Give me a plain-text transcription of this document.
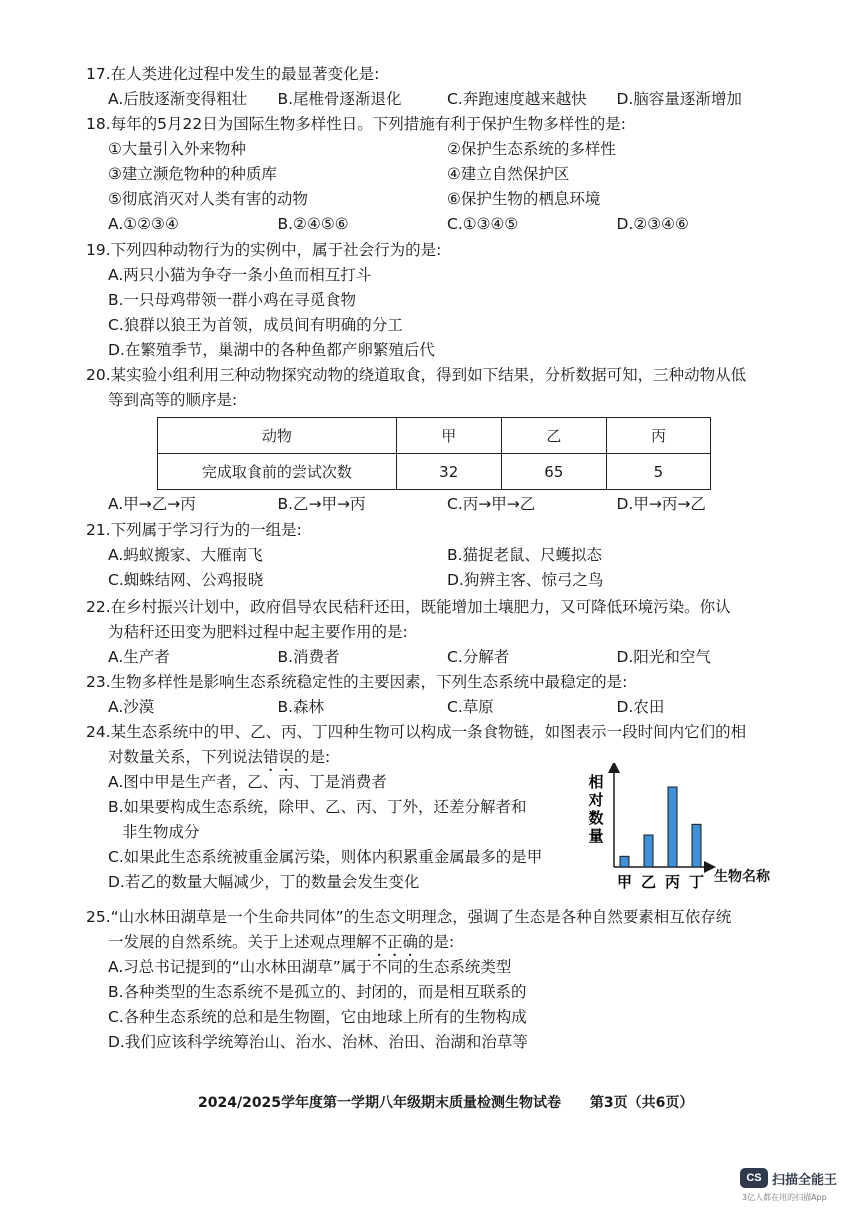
17.在人类进化过程中发生的最显著变化是:
A.后肢逐渐变得粗壮	B.尾椎骨逐渐退化	C.奔跑速度越来越快	D.脑容量逐渐增加
18.每年的5月22日为国际生物多样性日。下列措施有利于保护生物多样性的是:
①大量引入外来物种	②保护生态系统的多样性
③建立濒危物种的种质库	④建立自然保护区
⑤彻底消灭对人类有害的动物	⑥保护生物的栖息环境
A.①②③④	B.②④⑤⑥	C.①③④⑤	D.②③④⑥
19.下列四种动物行为的实例中，属于社会行为的是:
A.两只小猫为争夺一条小鱼而相互打斗
B.一只母鸡带领一群小鸡在寻觅食物
C.狼群以狼王为首领，成员间有明确的分工
D.在繁殖季节，巢湖中的各种鱼都产卵繁殖后代
20.某实验小组利用三种动物探究动物的绕道取食，得到如下结果，分析数据可知，三种动物从低
等到高等的顺序是:
动物	甲	乙	丙
完成取食前的尝试次数	32	65	5
A.甲→乙→丙	B.乙→甲→丙	C.丙→甲→乙	D.甲→丙→乙
21.下列属于学习行为的一组是:
A.蚂蚁搬家、大雁南飞	B.猫捉老鼠、尺蠖拟态
C.蜘蛛结网、公鸡报晓	D.狗辨主客、惊弓之鸟
22.在乡村振兴计划中，政府倡导农民秸秆还田，既能增加土壤肥力，又可降低环境污染。你认
为秸秆还田变为肥料过程中起主要作用的是:
A.生产者	B.消费者	C.分解者	D.阳光和空气
23.生物多样性是影响生态系统稳定性的主要因素，下列生态系统中最稳定的是:
A.沙漠	B.森林	C.草原	D.农田
24.某生态系统中的甲、乙、丙、丁四种生物可以构成一条食物链，如图表示一段时间内它们的相
对数量关系，下列说法错误的是:
A.图中甲是生产者，乙、丙、丁是消费者
B.如果要构成生态系统，除甲、乙、丙、丁外，还差分解者和
非生物成分
C.如果此生态系统被重金属污染，则体内积累重金属最多的是甲
D.若乙的数量大幅减少，丁的数量会发生变化
相
对
数
量
甲 乙 丙 丁 生物名称
25.“山水林田湖草是一个生命共同体”的生态文明理念，强调了生态是各种自然要素相互依存统
一发展的自然系统。关于上述观点理解不正确的是:
A.习总书记提到的“山水林田湖草”属于不同的生态系统类型
B.各种类型的生态系统不是孤立的、封闭的，而是相互联系的
C.各种生态系统的总和是生物圈，它由地球上所有的生物构成
D.我们应该科学统筹治山、治水、治林、治田、治湖和治草等
2024/2025学年度第一学期八年级期末质量检测生物试卷 第3页（共6页）
CS 扫描全能王
3亿人都在用的扫描App
